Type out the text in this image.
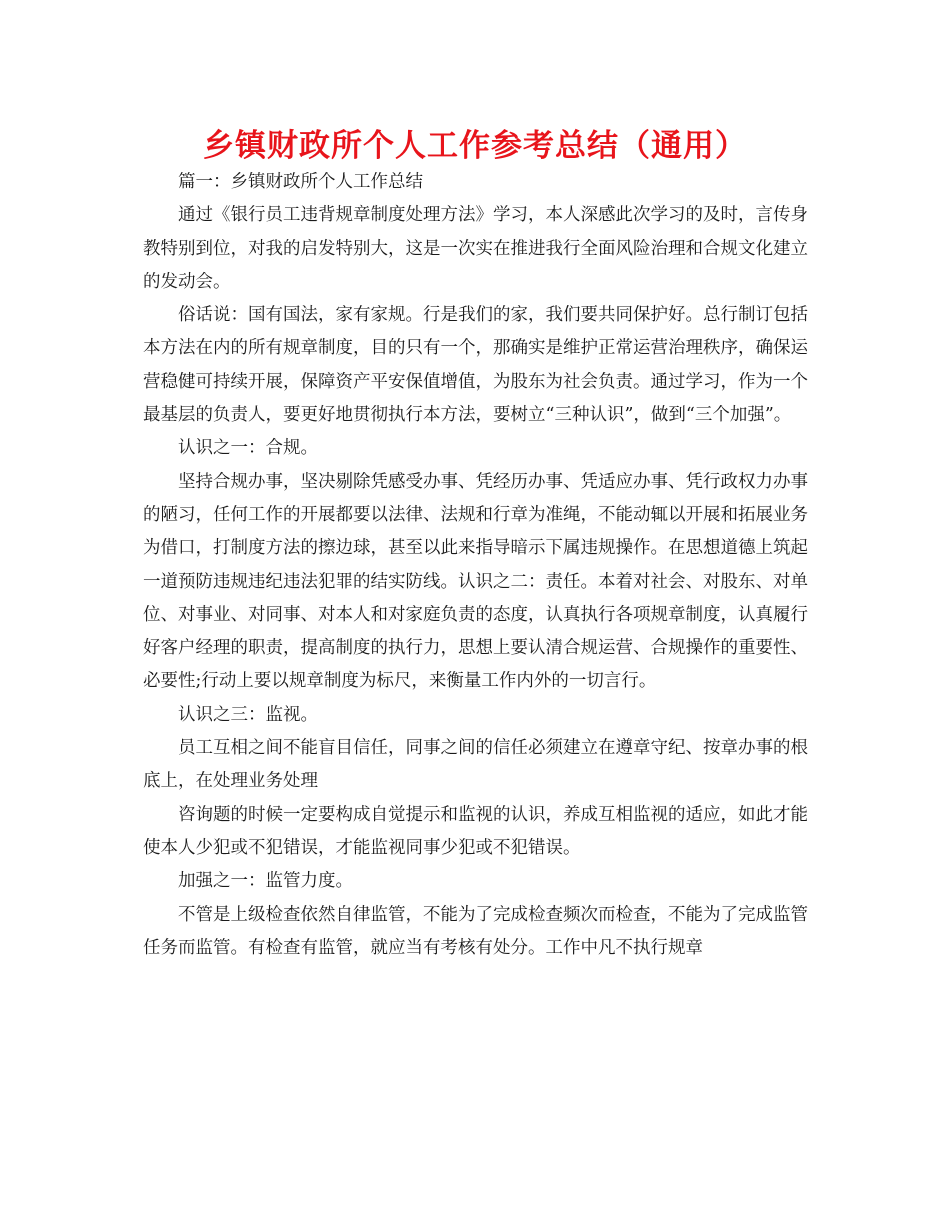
乡镇财政所个人工作参考总结（通用）

篇一：乡镇财政所个人工作总结

通过《银行员工违背规章制度处理方法》学习，本人深感此次学习的及时，言传身教特别到位，对我的启发特别大，这是一次实在推进我行全面风险治理和合规文化建立的发动会。

俗话说：国有国法，家有家规。行是我们的家，我们要共同保护好。总行制订包括本方法在内的所有规章制度，目的只有一个，那确实是维护正常运营治理秩序，确保运营稳健可持续开展，保障资产平安保值增值，为股东为社会负责。通过学习，作为一个最基层的负责人，要更好地贯彻执行本方法，要树立“三种认识”，做到“三个加强”。

认识之一：合规。

坚持合规办事，坚决剔除凭感受办事、凭经历办事、凭适应办事、凭行政权力办事的陋习，任何工作的开展都要以法律、法规和行章为准绳，不能动辄以开展和拓展业务为借口，打制度方法的擦边球，甚至以此来指导暗示下属违规操作。在思想道德上筑起一道预防违规违纪违法犯罪的结实防线。认识之二：责任。本着对社会、对股东、对单位、对事业、对同事、对本人和对家庭负责的态度，认真执行各项规章制度，认真履行好客户经理的职责，提高制度的执行力，思想上要认清合规运营、合规操作的重要性、必要性;行动上要以规章制度为标尺，来衡量工作内外的一切言行。

认识之三：监视。

员工互相之间不能盲目信任，同事之间的信任必须建立在遵章守纪、按章办事的根底上，在处理业务处理

咨询题的时候一定要构成自觉提示和监视的认识，养成互相监视的适应，如此才能使本人少犯或不犯错误，才能监视同事少犯或不犯错误。

加强之一：监管力度。

不管是上级检查依然自律监管，不能为了完成检查频次而检查，不能为了完成监管任务而监管。有检查有监管，就应当有考核有处分。工作中凡不执行规章
